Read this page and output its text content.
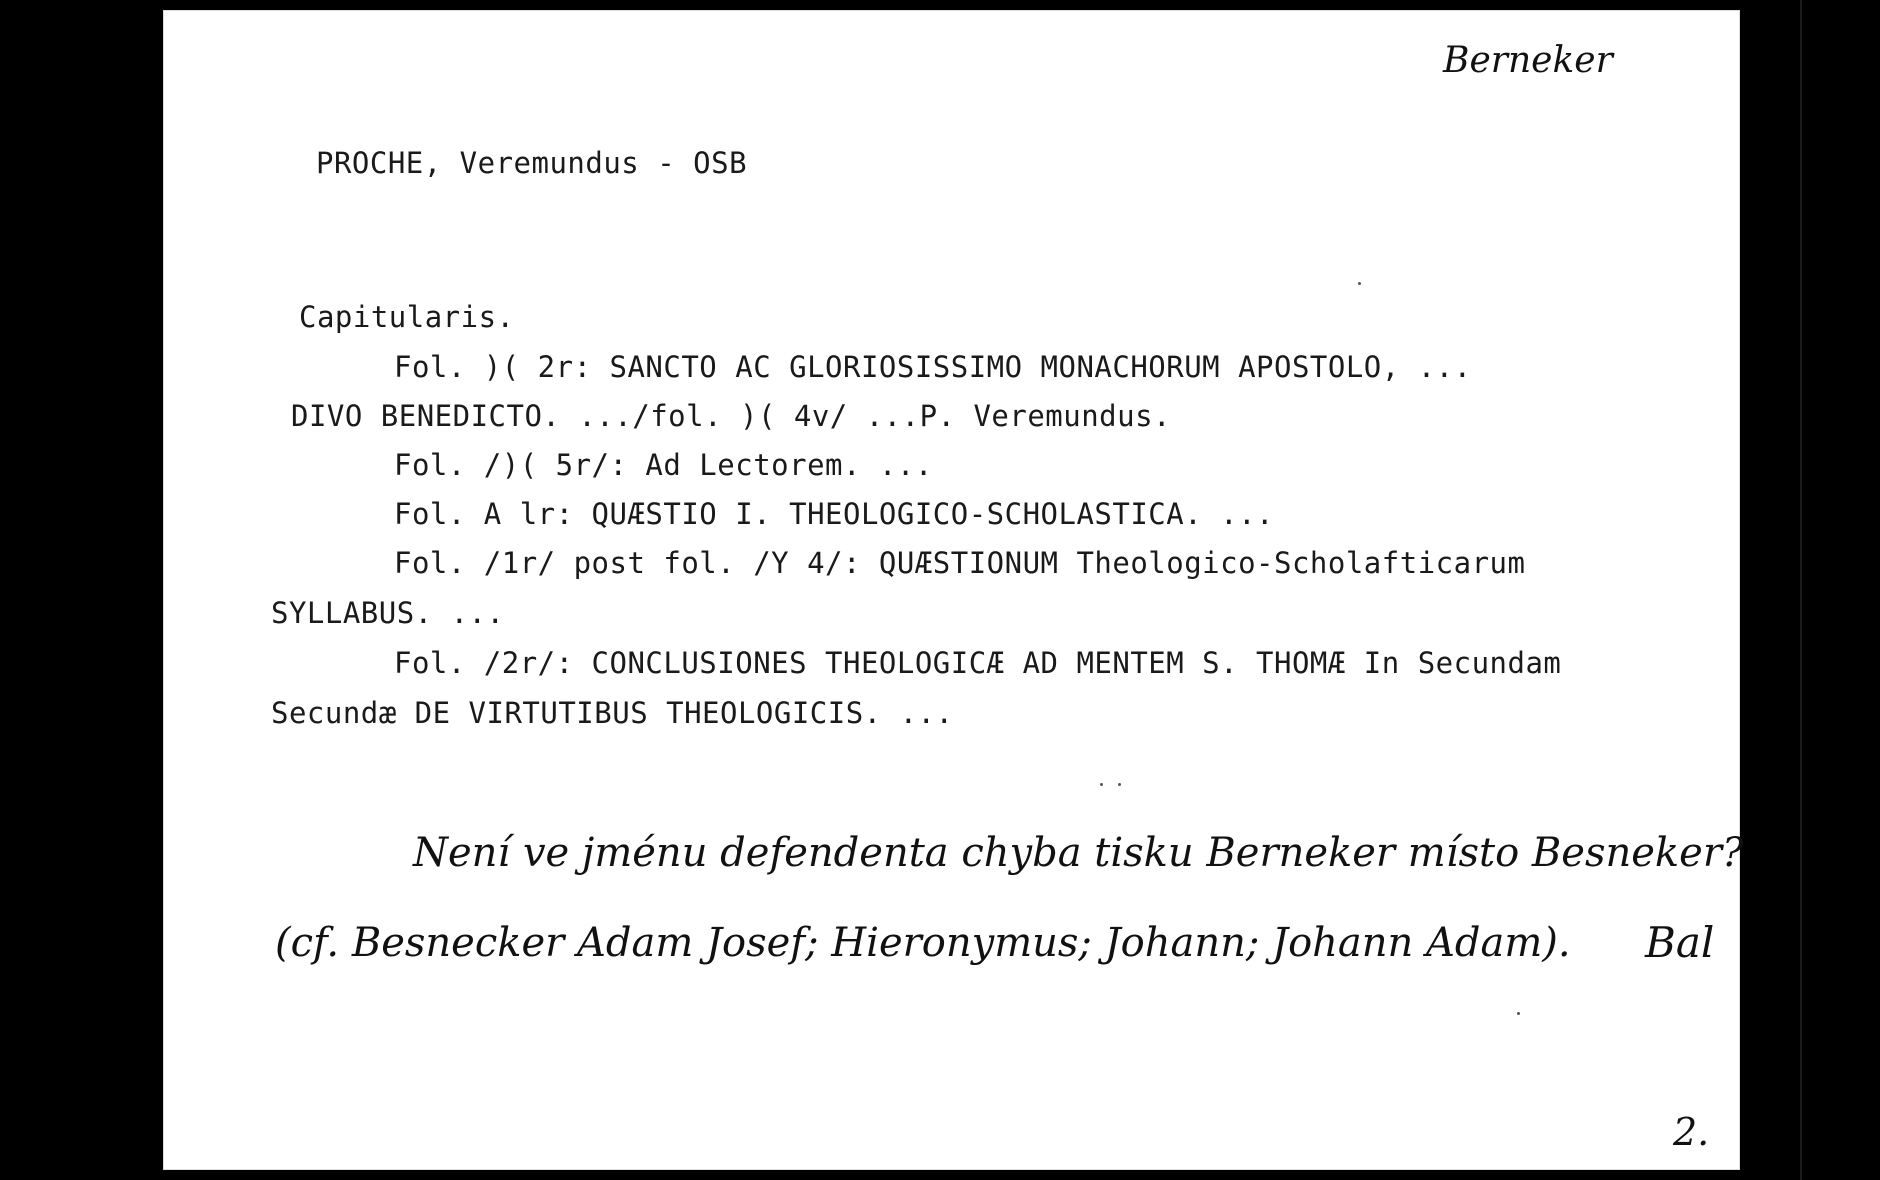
Berneker
PROCHE, Veremundus - OSB
Capitularis.
Fol. )( 2r: SANCTO AC GLORIOSISSIMO MONACHORUM APOSTOLO, ...
DIVO BENEDICTO. .../fol. )( 4v/ ...P. Veremundus.
Fol. /)( 5r/: Ad Lectorem. ...
Fol. A lr: QUÆSTIO I. THEOLOGICO-SCHOLASTICA. ...
Fol. /1r/ post fol. /Y 4/: QUÆSTIONUM Theologico-Scholafticarum
SYLLABUS. ...
Fol. /2r/: CONCLUSIONES THEOLOGICÆ AD MENTEM S. THOMÆ In Secundam
Secundæ DE VIRTUTIBUS THEOLOGICIS. ...
Není ve jménu defendenta chyba tisku Berneker místo Besneker?
(cf. Besnecker Adam Josef; Hieronymus; Johann; Johann Adam). Bal
2.
